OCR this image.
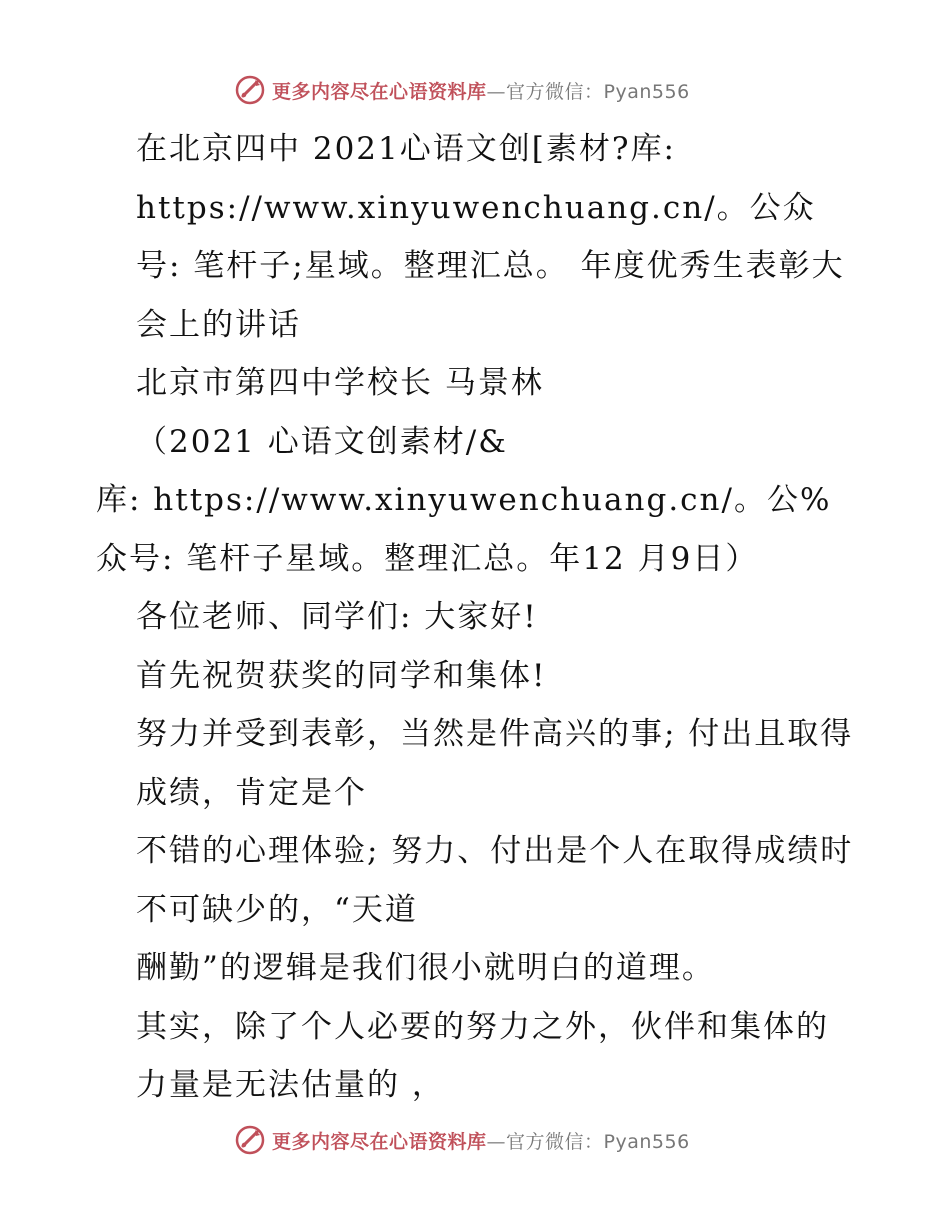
更多内容尽在心语资料库—官方微信：Pyan556

在北京四中 2021心语文创[素材?库:
https://www.xinyuwenchuang.cn/。公众号: 笔杆子;星域。整理汇总。 年度优秀生表彰大会上的讲话

北京市第四中学校长 马景林

（2021 心语文创素材/&

库: https://www.xinyuwenchuang.cn/。公%众号: 笔杆子星域。整理汇总。年12 月9日）

各位老师、同学们: 大家好!

首先祝贺获奖的同学和集体!

努力并受到表彰，当然是件高兴的事; 付出且取得成绩，肯定是个

不错的心理体验; 努力、付出是个人在取得成绩时不可缺少的，“天道

酬勤”的逻辑是我们很小就明白的道理。

其实，除了个人必要的努力之外，伙伴和集体的力量是无法估量的 ，

更多内容尽在心语资料库—官方微信：Pyan556
